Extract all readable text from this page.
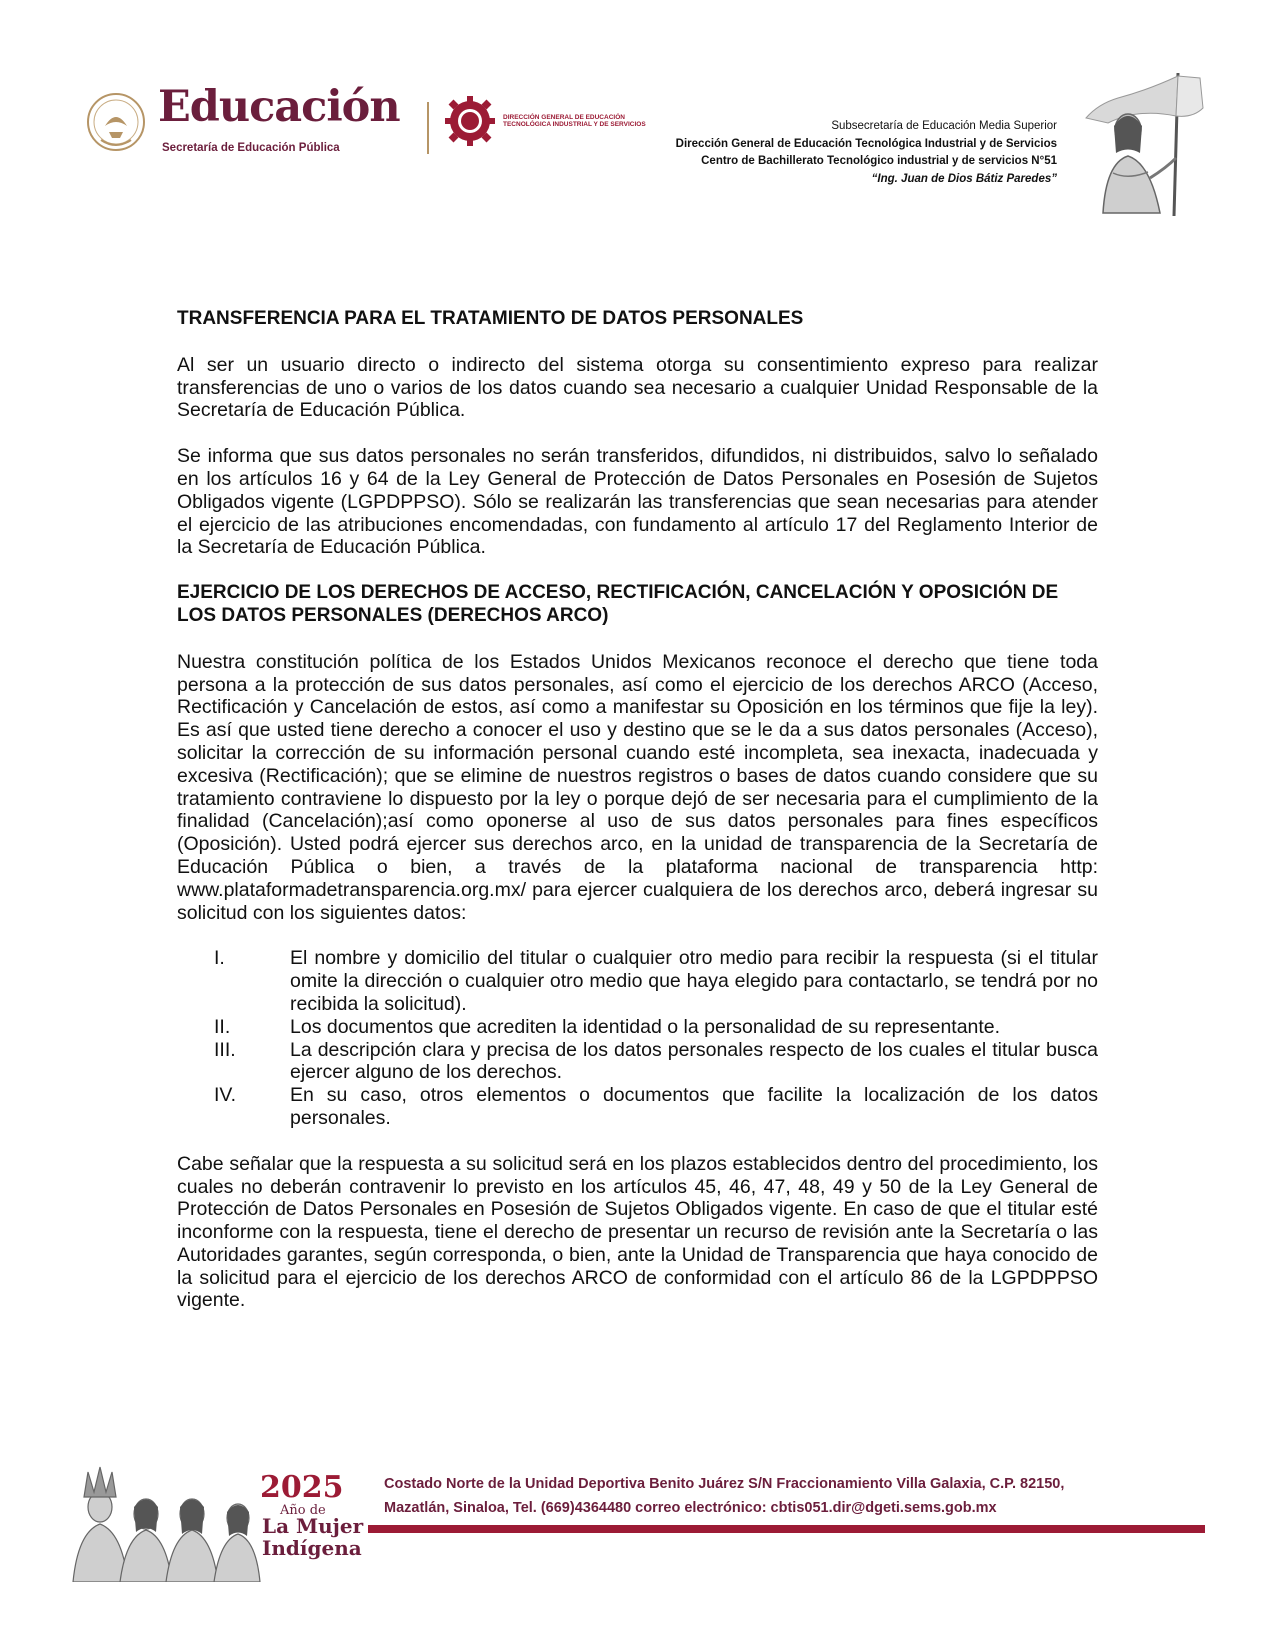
Educación
Secretaría de Educación Pública
DIRECCIÓN GENERAL DE EDUCACIÓN
TECNOLÓGICA INDUSTRIAL Y DE SERVICIOS	Subsecretaría de Educación Media Superior
Dirección General de Educación Tecnológica Industrial y de Servicios
Centro de Bachillerato Tecnológico industrial y de servicios N°51
“Ing. Juan de Dios Bátiz Paredes”
TRANSFERENCIA PARA EL TRATAMIENTO DE DATOS PERSONALES
Al ser un usuario directo o indirecto del sistema otorga su consentimiento expreso para realizar transferencias de uno o varios de los datos cuando sea necesario a cualquier Unidad Responsable de la Secretaría de Educación Pública.
Se informa que sus datos personales no serán transferidos, difundidos, ni distribuidos, salvo lo señalado en los artículos 16 y 64 de la Ley General de Protección de Datos Personales en Posesión de Sujetos Obligados vigente (LGPDPPSO). Sólo se realizarán las transferencias que sean necesarias para atender el ejercicio de las atribuciones encomendadas, con fundamento al artículo 17 del Reglamento Interior de la Secretaría de Educación Pública.
EJERCICIO DE LOS DERECHOS DE ACCESO, RECTIFICACIÓN, CANCELACIÓN Y OPOSICIÓN DE LOS DATOS PERSONALES (DERECHOS ARCO)
Nuestra constitución política de los Estados Unidos Mexicanos reconoce el derecho que tiene toda persona a la protección de sus datos personales, así como el ejercicio de los derechos ARCO (Acceso, Rectificación y Cancelación de estos, así como a manifestar su Oposición en los términos que fije la ley). Es así que usted tiene derecho a conocer el uso y destino que se le da a sus datos personales (Acceso), solicitar la corrección de su información personal cuando esté incompleta, sea inexacta, inadecuada y excesiva (Rectificación); que se elimine de nuestros registros o bases de datos cuando considere que su tratamiento contraviene lo dispuesto por la ley o porque dejó de ser necesaria para el cumplimiento de la finalidad (Cancelación);así como oponerse al uso de sus datos personales para fines específicos (Oposición). Usted podrá ejercer sus derechos arco, en la unidad de transparencia de la Secretaría de Educación Pública o bien, a través de la plataforma nacional de transparencia http: www.plataformadetransparencia.org.mx/ para ejercer cualquiera de los derechos arco, deberá ingresar su solicitud con los siguientes datos:
I.	El nombre y domicilio del titular o cualquier otro medio para recibir la respuesta (si el titular omite la dirección o cualquier otro medio que haya elegido para contactarlo, se tendrá por no recibida la solicitud).
II.	Los documentos que acrediten la identidad o la personalidad de su representante.
III.	La descripción clara y precisa de los datos personales respecto de los cuales el titular busca ejercer alguno de los derechos.
IV.	En su caso, otros elementos o documentos que facilite la localización de los datos personales.
Cabe señalar que la respuesta a su solicitud será en los plazos establecidos dentro del procedimiento, los cuales no deberán contravenir lo previsto en los artículos 45, 46, 47, 48, 49 y 50 de la Ley General de Protección de Datos Personales en Posesión de Sujetos Obligados vigente. En caso de que el titular esté inconforme con la respuesta, tiene el derecho de presentar un recurso de revisión ante la Secretaría o las Autoridades garantes, según corresponda, o bien, ante la Unidad de Transparencia que haya conocido de la solicitud para el ejercicio de los derechos ARCO de conformidad con el artículo 86 de la LGPDPPSO vigente.
2025
Año de
La Mujer
Indígena
Costado Norte de la Unidad Deportiva Benito Juárez S/N Fraccionamiento Villa Galaxia, C.P. 82150,
Mazatlán, Sinaloa, Tel. (669)4364480 correo electrónico: cbtis051.dir@dgeti.sems.gob.mx
